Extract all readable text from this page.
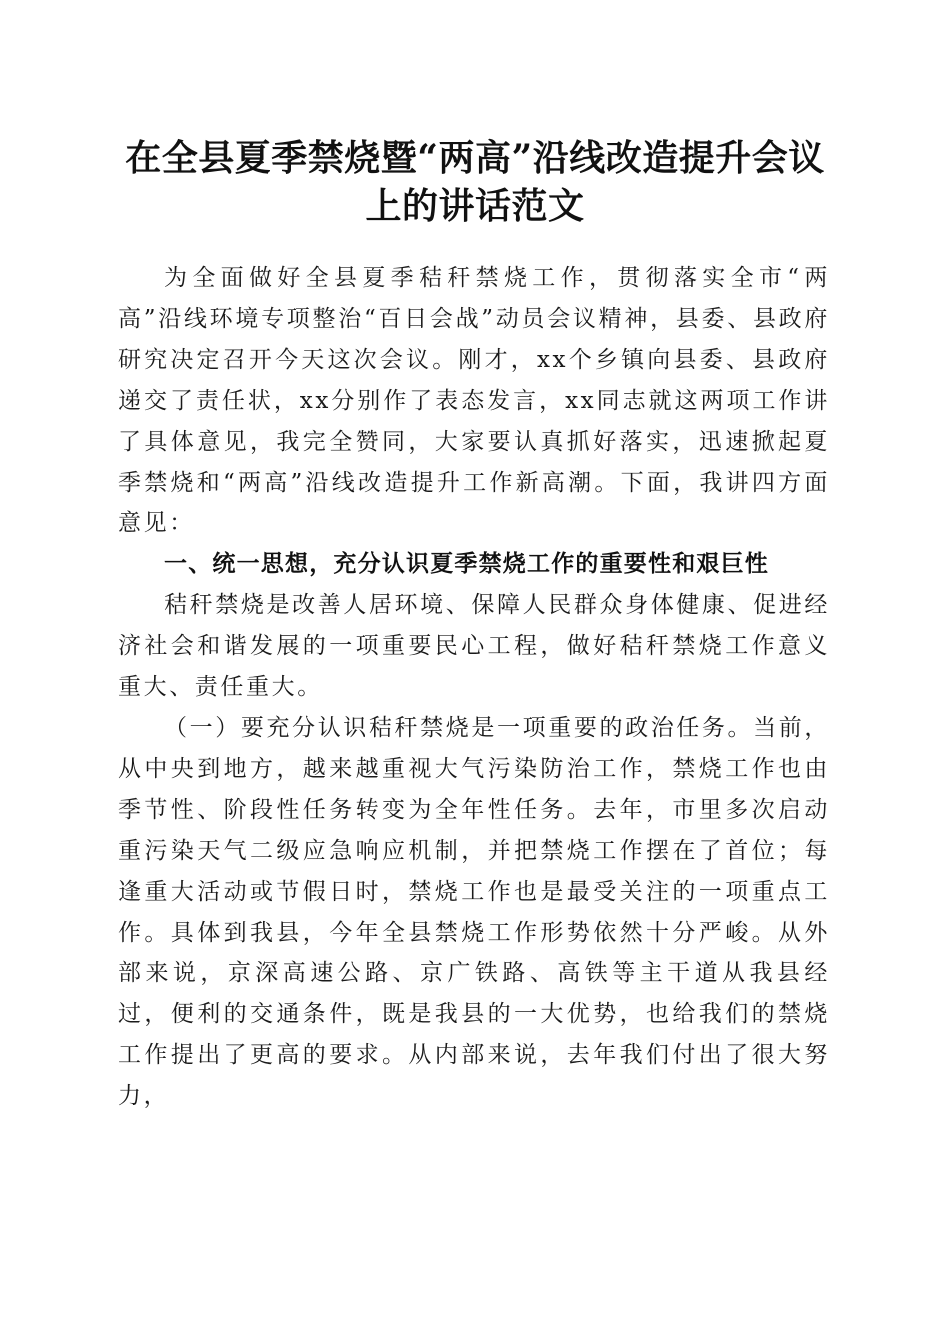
在全县夏季禁烧暨“两高”沿线改造提升会议
上的讲话范文

为全面做好全县夏季秸秆禁烧工作，贯彻落实全市“两高”沿线环境专项整治“百日会战”动员会议精神，县委、县政府研究决定召开今天这次会议。刚才，xx个乡镇向县委、县政府递交了责任状，xx分别作了表态发言，xx同志就这两项工作讲了具体意见，我完全赞同，大家要认真抓好落实，迅速掀起夏季禁烧和“两高”沿线改造提升工作新高潮。下面，我讲四方面意见：

一、统一思想，充分认识夏季禁烧工作的重要性和艰巨性

秸秆禁烧是改善人居环境、保障人民群众身体健康、促进经济社会和谐发展的一项重要民心工程，做好秸秆禁烧工作意义重大、责任重大。

（一）要充分认识秸秆禁烧是一项重要的政治任务。当前，从中央到地方，越来越重视大气污染防治工作，禁烧工作也由季节性、阶段性任务转变为全年性任务。去年，市里多次启动重污染天气二级应急响应机制，并把禁烧工作摆在了首位；每逢重大活动或节假日时，禁烧工作也是最受关注的一项重点工作。具体到我县，今年全县禁烧工作形势依然十分严峻。从外部来说，京深高速公路、京广铁路、高铁等主干道从我县经过，便利的交通条件，既是我县的一大优势，也给我们的禁烧工作提出了更高的要求。从内部来说，去年我们付出了很大努力，
